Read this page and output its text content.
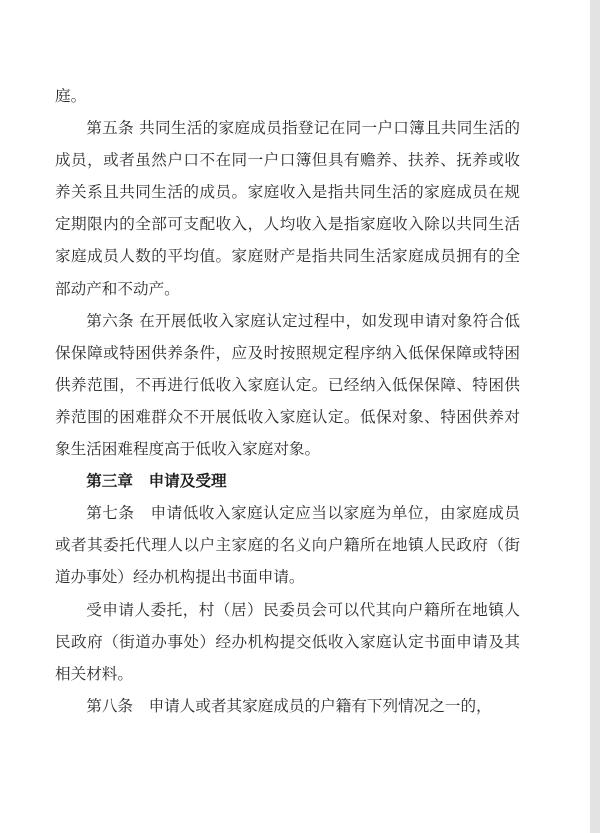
庭。

第五条 共同生活的家庭成员指登记在同一户口簿且共同生活的成员，或者虽然户口不在同一户口簿但具有赡养、扶养、抚养或收养关系且共同生活的成员。家庭收入是指共同生活的家庭成员在规定期限内的全部可支配收入，人均收入是指家庭收入除以共同生活家庭成员人数的平均值。家庭财产是指共同生活家庭成员拥有的全部动产和不动产。

第六条 在开展低收入家庭认定过程中，如发现申请对象符合低保保障或特困供养条件，应及时按照规定程序纳入低保保障或特困供养范围，不再进行低收入家庭认定。已经纳入低保保障、特困供养范围的困难群众不开展低收入家庭认定。低保对象、特困供养对象生活困难程度高于低收入家庭对象。

第三章　申请及受理

第七条　申请低收入家庭认定应当以家庭为单位，由家庭成员或者其委托代理人以户主家庭的名义向户籍所在地镇人民政府（街道办事处）经办机构提出书面申请。

受申请人委托，村（居）民委员会可以代其向户籍所在地镇人民政府（街道办事处）经办机构提交低收入家庭认定书面申请及其相关材料。

第八条　申请人或者其家庭成员的户籍有下列情况之一的，
